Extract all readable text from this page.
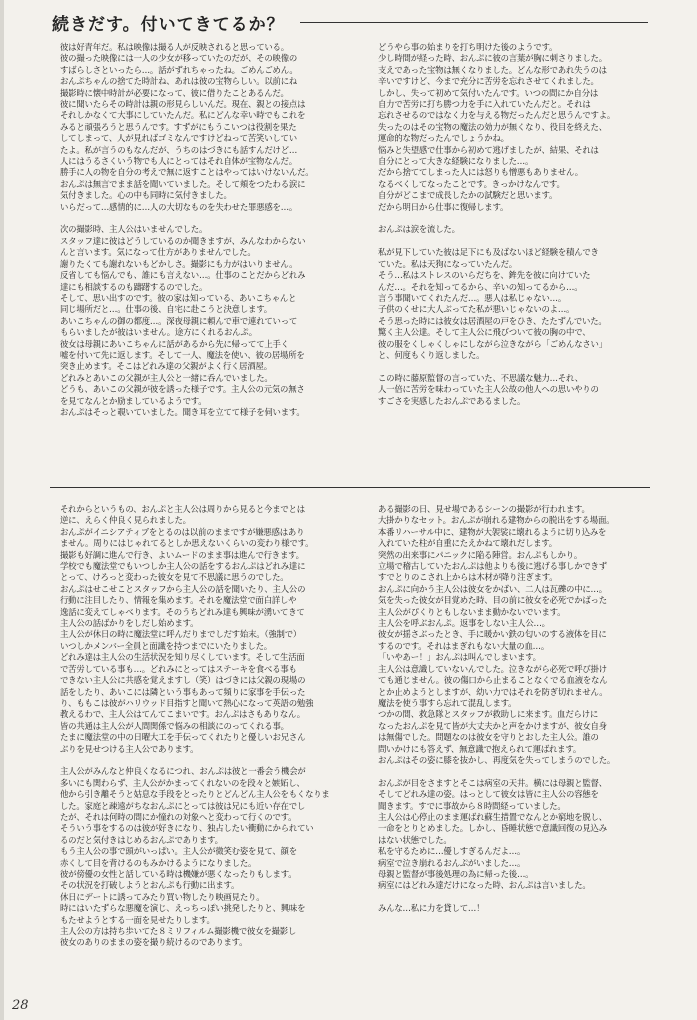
続きだす。付いてきてるか？

彼は好青年だ。私は映像は撮る人が反映されると思っている。

彼の撮った映像には一人の少女が移っていたのだが、その映像の

すばらしさといったら…。話がずれちゃったね。ごめんごめん。

おんぷちゃんの捨てた時計ね、あれは彼の宝物らしい。以前にね

撮影時に懐中時計が必要になって、彼に借りたことあるんだ。

彼に聞いたらその時計は親の形見らしいんだ。現在、親との接点は

それしかなくて大事にしていたんだ。私にどんな幸い時でもこれを

みると頑張ろうと思うんです。すずがにもうこいつは役割を果た

してしまって、人が見ればゴミなんですけどねって苦笑いしてい

たよ。私が言うのもなんだが、うちのはづきにも話すんだけど…

人にはうるさくいう物でも人にとってはそれ自体が宝物なんだ。

勝手に人の物を自分の考えで無に返すことはやってはいけないんだ。

おんぷは無言でまま話を聞いていました。そして頬をつたわる涙に

気付きました。心の中も同時に気付きました。

いらだって…感情的に…人の大切なものを失わせた罪悪感を…。

次の撮影時、主人公はいませんでした。

スタッフ達に彼はどうしているのか聞きますが、みんなわからない

んと言います。気になって仕方がありませんでした。

謝りたくても謝れないもどかしさ。撮影にも力がはいりません。

反省しても悩んでも、誰にも言えない…。仕事のことだからどれみ

達にも相談するのも躊躇するのでした。

そして、思い出すのです。彼の家は知っている、あいこちゃんと

同じ場所だと…。仕事の後、自宅に赴こうと決意します。

あいこちゃんの御の都度…。深夜母親に頼んで車で連れていって

もらいましたが彼はいません。途方にくれるおんぷ。

彼女は母親にあいこちゃんに話があるから先に帰ってて上手く

嘘を付いて先に返します。そして一人、魔法を使い、彼の居場所を

突き止めます。そこはどれみ達の父親がよく行く居酒屋。

どれみとあいこの父親が主人公と一緒に呑んでいました。

どうも、あいこの父親が彼を誘った様子です。主人公の元気の無さ

を見てなんとか励ましているようです。

おんぷはそっと覗いていました。聞き耳を立てて様子を伺います。

どうやら事の始まりを打ち明けた後のようです。

少し時間が経った時、おんぷに彼の言葉が胸に刺さりました。

支えであった宝物は無くなりました。どんな形であれ失うのは

辛いですけど、今まで充分に苦労を忘れさせてくれました。

しかし、失って初めて気付いたんです。いつの間にか自分は

自力で苦労に打ち勝つ力を手に入れていたんだと。それは

忘れさせるのではなく力を与える物だったんだと思うんですよ。

失ったのはその宝物の魔法の効力が無くなり、役目を終えた、

運命的な物だったんでしょうかね。

悩みと失望感で仕事から初めて逃げましたが、結果、それは

自分にとって大きな経験になりました…。

だから捨ててしまった人には怒りも憎悪もありません。

なるべくしてなったことです。きっかけなんです。

自分がどこまで成長したかの試験だと思います。

だから明日から仕事に復帰します。

おんぷは涙を流した。

私が見下していた彼は足下にも及ばないほど経験を積んでき

ていた。私は天狗になっていたんだ。

そう…私はストレスのいらだちを、鉾先を彼に向けていた

んだ…。それを知ってるから、辛いの知ってるから…。

言う事聞いてくれたんだ…。悪人は私じゃない…。

子供のくせに大人ぶってた私が悪いじゃないのよ…。

そう思った時には彼女は居酒屋の戸をひき、たたずんでいた。

驚く主人公達。そして主人公に飛びついて彼の胸の中で、

彼の服をくしゃくしゃにしながら泣きながら「ごめんなさい」

と、何度もくり返しました。

この時に藤原監督の言っていた、不思議な魅力…それ、

人一倍に苦労を味わっていた主人公故の他人への思いやりの

すごさを実感したおんぷであるました。

それからというもの、おんぷと主人公は周りから見ると今までとは

逆に、えらく仲良く見られました。

おんぷがイニシアティブをとるのは以前のままですが嫌悪感はあり

ません。周りにはじゃれてるとしか思えないくらいの変わり様です。

撮影も好調に進んで行き、よいムードのまま事は進んで行きます。

学校でも魔法堂でもいつしか主人公の話をするおんぷはどれみ達に

とって、けろっと変わった彼女を見て不思議に思うのでした。

おんぷはせこせことスタッフから主人公の話を聞いたり、主人公の

行動に注目したり、情報を集めます。それを魔法堂で面白詳しや

逸話に変えてしゃべります。そのうちどれみ達も興味が湧いてきて

主人公の話ばかりをしだし始めます。

主人公が休日の時に魔法堂に呼んだりまでしだす始末。（強制で）

いつしかメンバー全員と面識を持つまでにいたりました。

どれみ達は主人公の生活状況を知り尽くしています。そして生活面

で苦労している事も…。どれみにとってはステーキを食べる事も

できない主人公に共感を覚えますし（笑）はづきには父親の現場の

話をしたり、あいこには隣という事もあって頻りに家事を手伝った

り、ももこは彼がハリウッド目指すと聞いて熱心になって英語の勉強

教えるわで、主人公はてんてこまいです。おんぷはさもありなん。

皆の共通は主人公が人間関係で悩みの相談にのってくれる事。

たまに魔法堂の中の日曜大工を手伝ってくれたりと優しいお兄さん

ぶりを見せつける主人公であります。

主人公がみんなと仲良くなるにつれ、おんぷは彼と一番会う機会が

多いにも関わらず、主人公がかまってくれないのを段々と嫉妬し、

他から引き離そうと姑息な手段をとったりとどんどん主人公をもくなりま

した。家庭と疎遠がちなおんぷにとっては彼は兄にも近い存在でし

たが、それは何時の間にか憧れの対象へと変わって行くのです。

そういう事をするのは彼が好きになり、独占したい衝動にかられてい

るのだと気付きはじめるおんぷであります。

もう主人公の事で頭がいっぱい。主人公が微笑む姿を見て、顔を

赤くして目を背けるのもみかけるようになりました。

彼が傍優の女性と話している時は機嫌が悪くなったりもします。

その状況を打破しようとおんぷも行動に出ます。

休日にデートに誘ってみたり買い物したり映画見たり。

時にはいたずらな悪魔を演じ、えっちっぽい挑発したりと、興味を

もたせようとする一面を見せたりします。

主人公の方は持ち歩いてた８ミリフィルム撮影機で彼女を撮影し

彼女のありのままの姿を撮り続けるのであります。

ある撮影の日、見せ場であるシーンの撮影が行われます。

大掛かりなセット。おんぷが崩れる建物からの脱出をする場面。

本番リハーサル中に、建物が大袈裟に壊れるように切り込みを

入れていた柱が自重にたえかねて壊れだします。

突然の出来事にパニックに陥る陣営。おんぷもしかり。

立場で稽古していたおんぷは他よりも後に逃げる事しかできず

すでとりのこされ上からは木材が降り注ぎます。

おんぷに向かう主人公は彼女をかばい、二人は瓦礫の中に…。

気を失った彼女が目覚めた時、目の前に彼女を必死でかばった

主人公がぴくりともしないまま動かないでいます。

主人公を呼ぶおんぷ。返事をしない主人公…。

彼女が揺さぶったとき、手に暖かい鉄の匂いのする液体を目に

するのです。それはまぎれもない大量の血…。

「いやあー！」おんぷは叫んでしまいます。

主人公は意識していないんでした。泣きながら必死で呼び掛け

ても通じません。彼の傷口から止まることなくでる血液をなん

とか止めようとしますが、幼い力ではそれを防ぎ切れません。

魔法を使う事すら忘れて混乱します。

つかの間、救急隊とスタッフが救助しに来ます。血だらけに

なったおんぷを見て皆が大丈夫かと声をかけますが、彼女自身

は無傷でした。問題なのは彼女を守りとおした主人公。誰の

問いかけにも答えず、無意識で抱えられて運ばれます。

おんぷはその姿に膝を抜かし、再度気を失ってしまうのでした。

おんぷが目をさますとそこは病室の天井。横には母親と監督、

そしてどれみ達の姿。はっとして彼女は皆に主人公の容態を

聞きます。すでに事故から８時間経っていました。

主人公は心停止のまま運ばれ蘇生措置でなんとか窮地を脱し、

一命をとりとめました。しかし、昏睡状態で意識回復の見込み

はない状態でした。

私を守るために…優しすぎるんだよ…。

病室で泣き崩れるおんぷがいました…。

母親と監督が事後処理の為に帰った後…。

病室にはどれみ達だけになった時、おんぷは言いました。

みんな…私に力を貸して…！

28
